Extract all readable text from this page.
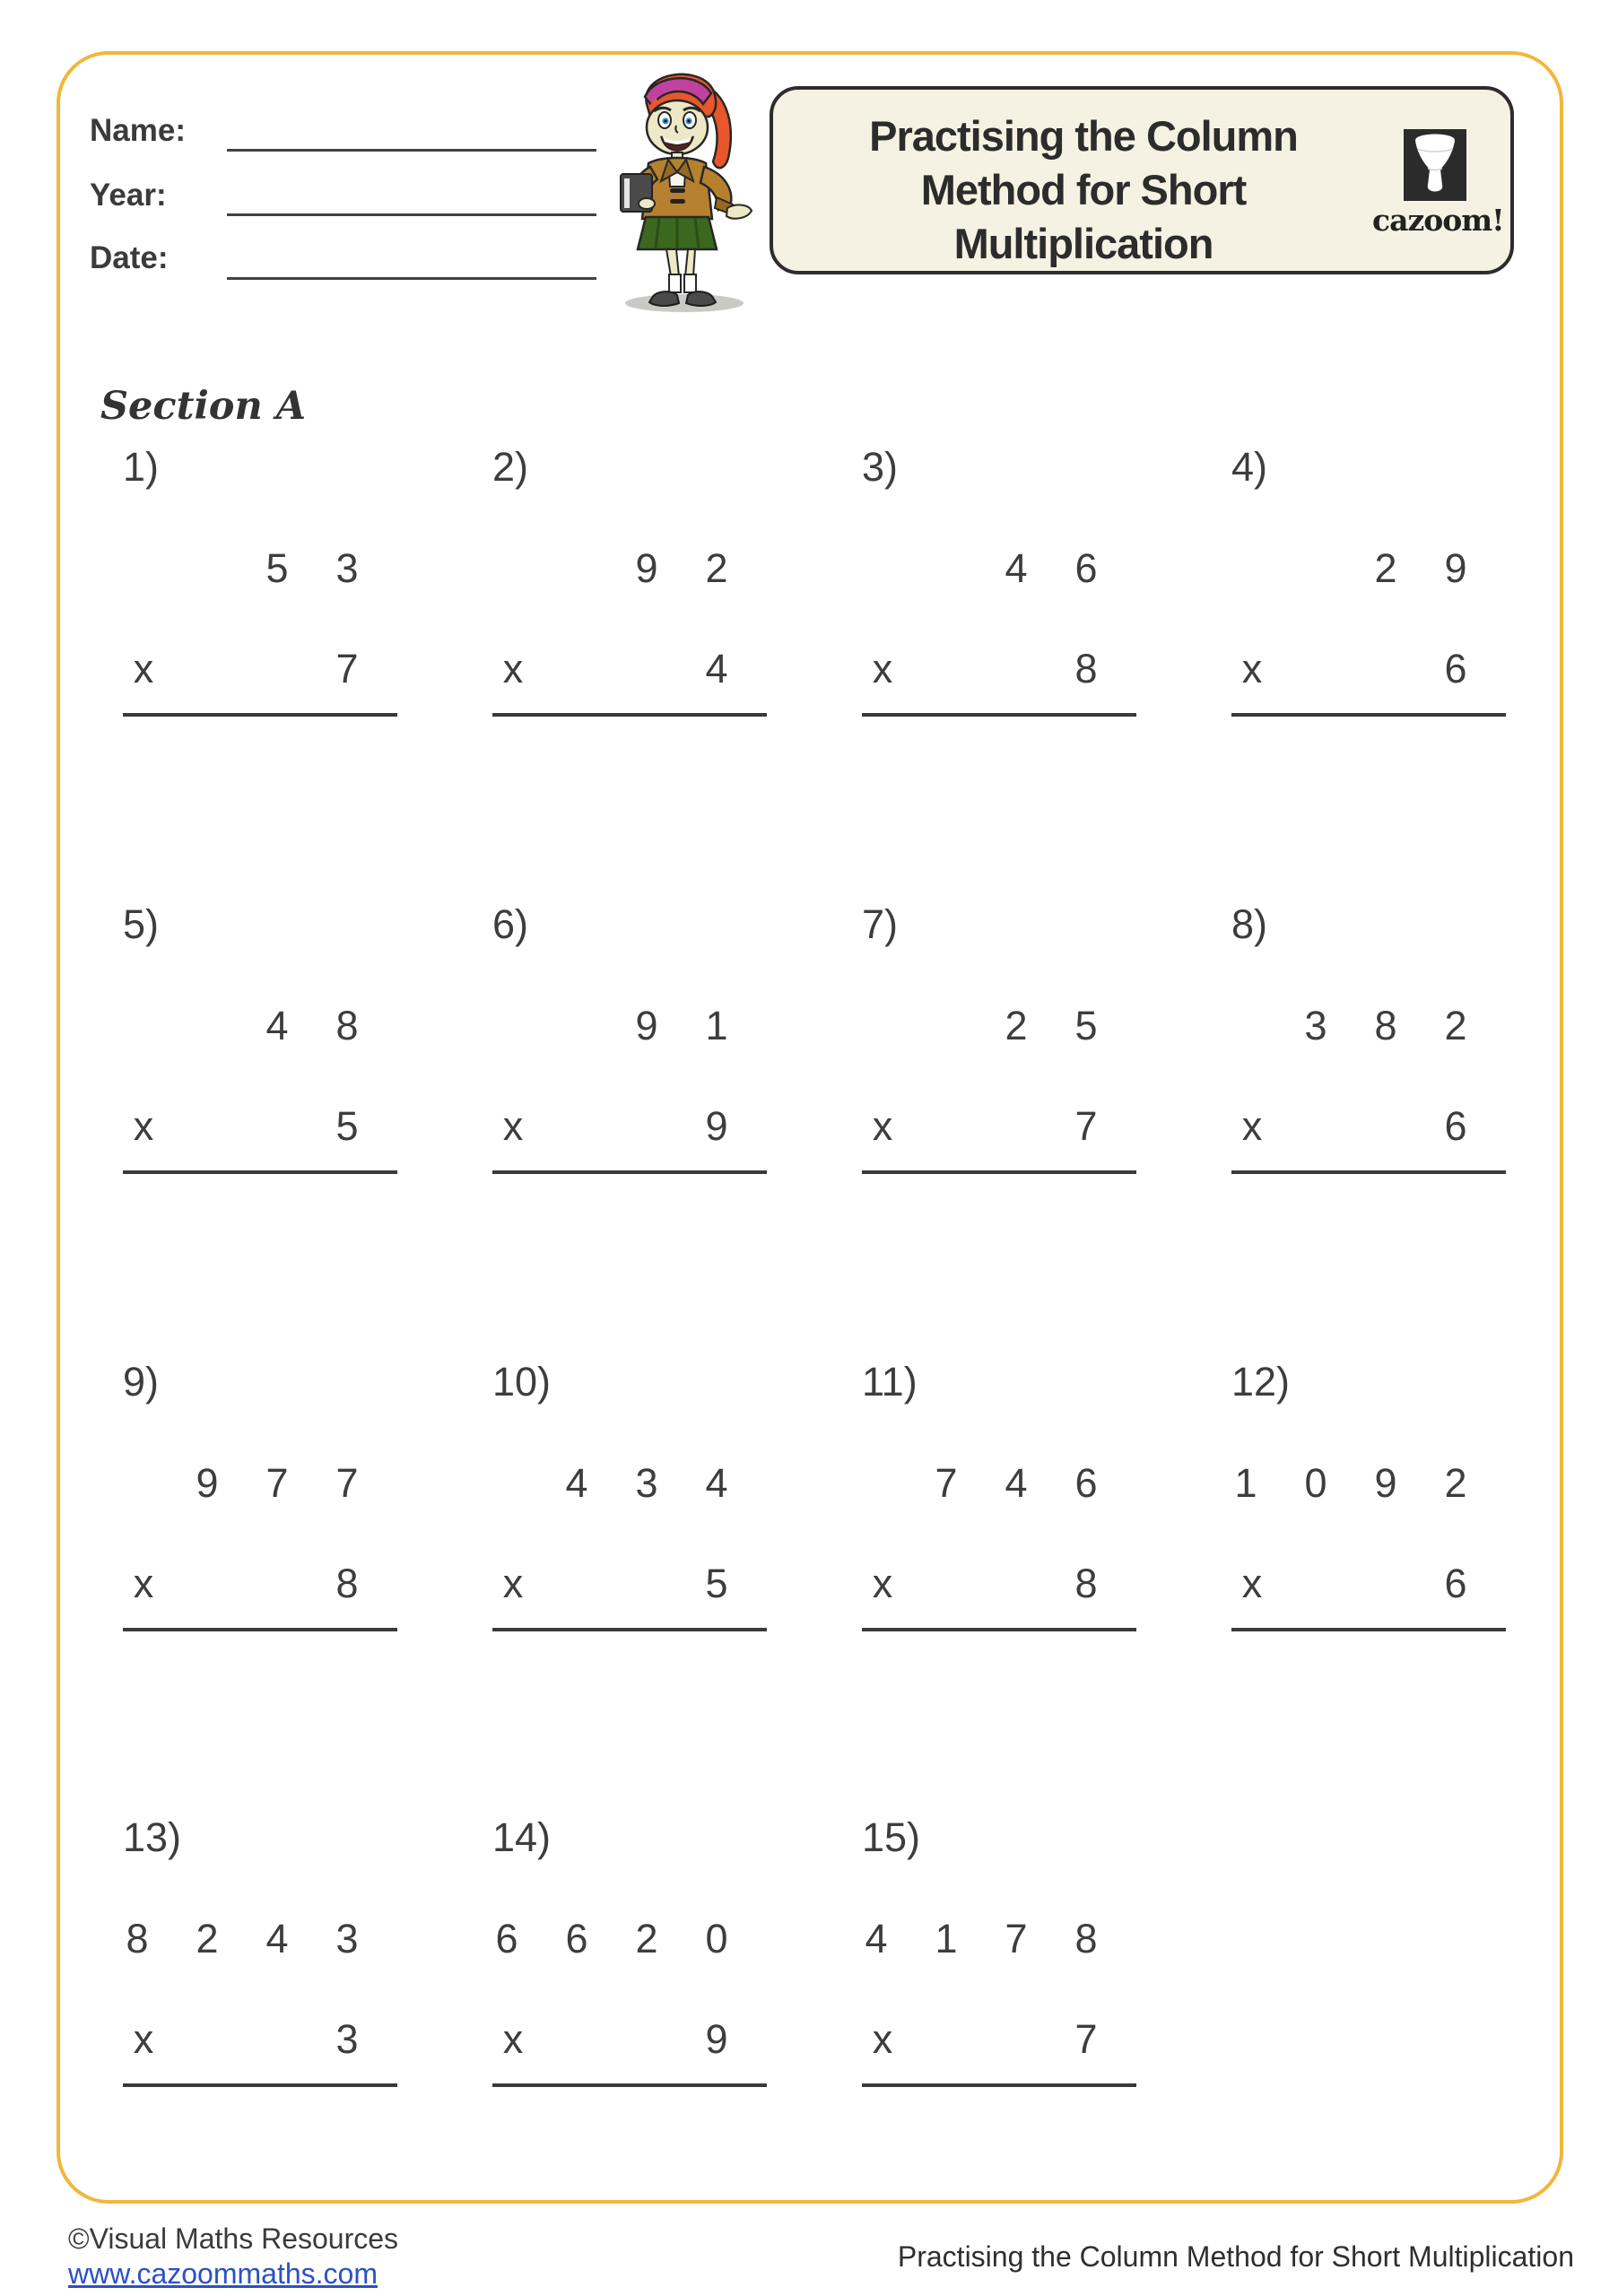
Name:
Year:
Date:
Practising the Column
Method for Short
Multiplication	cazoom!
Section A
1)
5	3
x	7
2)
9	2
x	4
3)
4	6
x	8
4)
2	9
x	6
5)
4	8
x	5
6)
9	1
x	9
7)
2	5
x	7
8)
3	8	2
x	6
9)
9	7	7
x	8
10)
4	3	4
x	5
11)
7	4	6
x	8
12)
1	0	9	2
x	6
13)
8	2	4	3
x	3
14)
6	6	2	0
x	9
15)
4	1	7	8
x	7
©Visual Maths Resources
www.cazoommaths.com
Practising the Column Method for Short Multiplication
